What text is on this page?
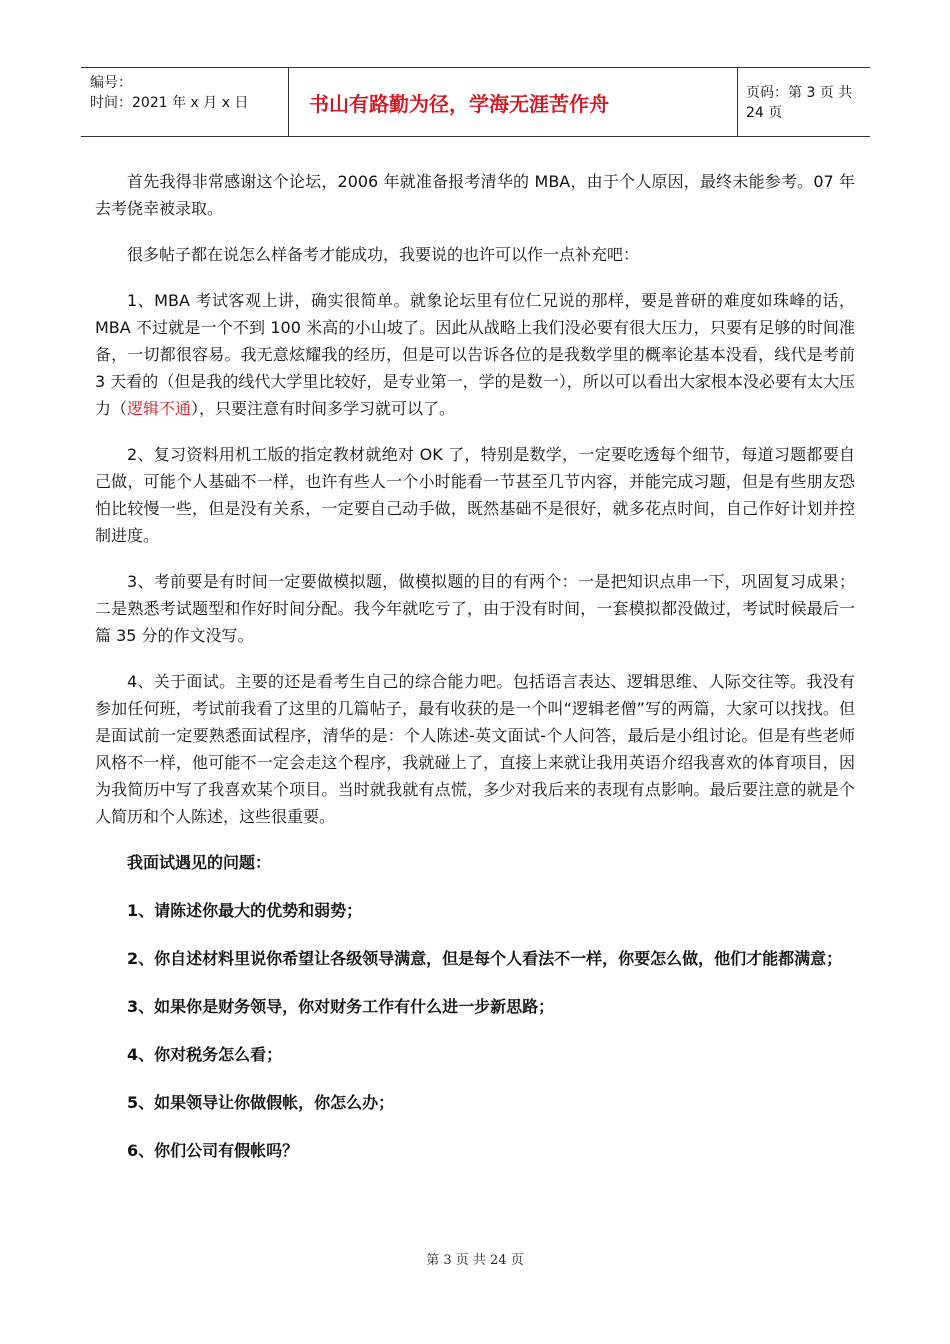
编号：
时间：2021 年 x 月 x 日	书山有路勤为径，学海无涯苦作舟	页码：第 3 页 共 24 页

首先我得非常感谢这个论坛，2006 年就准备报考清华的 MBA，由于个人原因，最终未能参考。07 年去考侥幸被录取。

很多帖子都在说怎么样备考才能成功，我要说的也许可以作一点补充吧：

1、MBA 考试客观上讲，确实很简单。就象论坛里有位仁兄说的那样，要是普研的难度如珠峰的话，MBA 不过就是一个不到 100 米高的小山坡了。因此从战略上我们没必要有很大压力，只要有足够的时间准备，一切都很容易。我无意炫耀我的经历，但是可以告诉各位的是我数学里的概率论基本没看，线代是考前 3 天看的（但是我的线代大学里比较好，是专业第一，学的是数一），所以可以看出大家根本没必要有太大压力（逻辑不通），只要注意有时间多学习就可以了。

2、复习资料用机工版的指定教材就绝对 OK 了，特别是数学，一定要吃透每个细节，每道习题都要自己做，可能个人基础不一样，也许有些人一个小时能看一节甚至几节内容，并能完成习题，但是有些朋友恐怕比较慢一些，但是没有关系，一定要自己动手做，既然基础不是很好，就多花点时间，自己作好计划并控制进度。

3、考前要是有时间一定要做模拟题，做模拟题的目的有两个：一是把知识点串一下，巩固复习成果；二是熟悉考试题型和作好时间分配。我今年就吃亏了，由于没有时间，一套模拟都没做过，考试时候最后一篇 35 分的作文没写。

4、关于面试。主要的还是看考生自己的综合能力吧。包括语言表达、逻辑思维、人际交往等。我没有参加任何班，考试前我看了这里的几篇帖子，最有收获的是一个叫“逻辑老僧”写的两篇，大家可以找找。但是面试前一定要熟悉面试程序，清华的是：个人陈述-英文面试-个人问答，最后是小组讨论。但是有些老师风格不一样，他可能不一定会走这个程序，我就碰上了，直接上来就让我用英语介绍我喜欢的体育项目，因为我简历中写了我喜欢某个项目。当时就我就有点慌，多少对我后来的表现有点影响。最后要注意的就是个人简历和个人陈述，这些很重要。

我面试遇见的问题：

1、请陈述你最大的优势和弱势；

2、你自述材料里说你希望让各级领导满意，但是每个人看法不一样，你要怎么做，他们才能都满意；

3、如果你是财务领导，你对财务工作有什么进一步新思路；

4、你对税务怎么看；

5、如果领导让你做假帐，你怎么办；

6、你们公司有假帐吗？

第 3 页 共 24 页
